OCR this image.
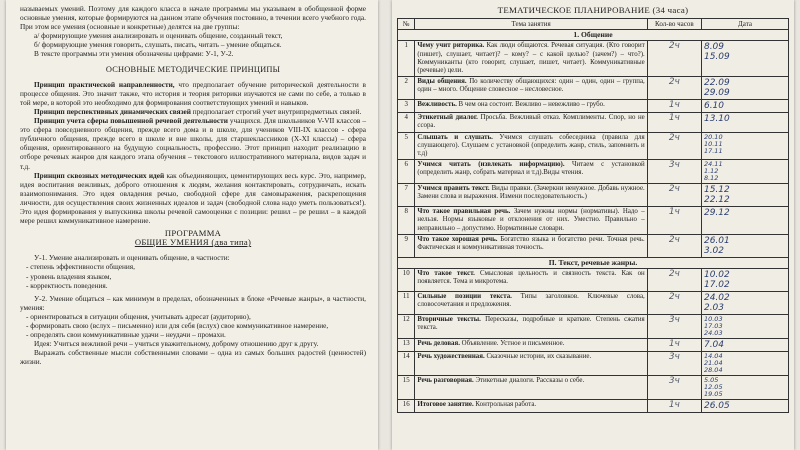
называемых умений. Поэтому для каждого класса в начале программы мы указываем в обобщенной форме основные умения, которые формируются на данном этапе обучения постоянно, в течении всего учебного года. При этом все умения (основные и конкретные) делятся на две группы:

а/ формирующие умения анализировать и оценивать общение, созданный текст,

б/ формирующие умения говорить, слушать, писать, читать – умение общаться.

В тексте программы эти умения обозначены цифрами: У-1, У-2.

ОСНОВНЫЕ МЕТОДИЧЕСКИЕ ПРИНЦИПЫ

Принцип практической направленности, что предполагает обучение риторической деятельности в процессе общения. Это значит также, что история и теория риторики изучаются не сами по себе, а только в той мере, в которой это необходимо для формирования соответствующих умений и навыков.

Принцип перспективных динамических связей предполагает строгий учет внутрипредметных связей.

Принцип учета сферы повышенной речевой деятельности учащихся. Для школьников V-VII классов – это сфера повседневного общения, прежде всего дома и в школе, для учеников VIII-IX классов - сфера публичного общения, прежде всего в школе и вне школы, для старшеклассников (X-XI классы) – сфера общения, ориентированного на будущую социальность, профессию. Этот принцип находит реализацию в отборе речевых жанров для каждого этапа обучения – текстового иллюстративного материала, видов задач и т.д.

Принцип сквозных методических идей как объединяющих, цементирующих весь курс. Это, например, идея воспитания вежливых, доброго отношения к людям, желания контактировать, сотрудничать, искать взаимопонимания. Это идея овладения речью, свободной сфере для самовыражения, раскрепощения личности, для осуществления своих жизненных идеалов и задач (свободной слова надо уметь пользоваться!). Это идея формирования у выпускника школы речевой самооценки с позиции: решил – ре решил – в каждой мере решил коммуникативное намерение.

ПРОГРАММА
ОБЩИЕ УМЕНИЯ (два типа)

У-1. Умение анализировать и оценивать общение, в частности:

- степень эффективности общения,
- уровень владения языком,
- корректность поведения.

У-2. Умение общаться – как минимум в пределах, обозначенных в блоке «Речевые жанры», в частности, умения:

- ориентироваться в ситуации общения, учитывать адресат (аудиторию),
- формировать свою (вслух – письменно) или для себя (вслух) свое коммуникативное намерение,
- определять свои коммуникативные удачи – неудачи – промахи.

Идея: Учиться вежливой речи – учиться уважительному, доброму отношению друг к другу.

Выражать собственные мысли собственными словами – одна из самых больших радостей (ценностей) жизни.

ТЕМАТИЧЕСКОЕ ПЛАНИРОВАНИЕ (34 часа)
№	Тема занятия	Кол-во часов	Дата
1. Общение			
1	Чему учит риторика. Как люди общаются. Речевая ситуация. (Кто говорит (пишет), слушает, читает)? – кому? – с какой целью? (зачем?) – что?). Коммуниканты (кто говорит, слушает, пишет, читает). Коммуникативные (речевые) цели.	2ч	8.09
15.09

2	Виды общения. По количеству общающихся: один – один, один – группа, один – много. Общение словесное – несловесное.	2ч	22.09
29.09

3	Вежливость. В чем она состоит. Вежливо – невежливо – грубо.	1ч	6.10

4	Этикетный диалог. Просьба. Вежливый отказ. Комплименты. Спор, но не ссора.	1ч	13.10

5	Слышать и слушать. Учимся слушать собеседника (правила для слушающего). Слушаем с установкой (определить жанр, стиль, запомнить и т.д)	2ч	20.10
10.11
17.11

6	Учимся читать (извлекать информацию). Читаем с установкой (определить жанр, собрать материал и т.д).Виды чтения.	3ч	24.11
1.12
8.12

7	Учимся править текст. Виды правки. (Зачеркни ненужное. Добавь нужное. Замени слова и выражения. Измени последовательность.)	2ч	15.12
22.12

8	Что такое правильная речь. Зачем нужны нормы (нормативы). Надо – нельзя. Нормы языковые и отклонения от них. Уместно. Правильно – неправильно – допустимо. Нормативные словари.	1ч	29.12

9	Что такое хорошая речь. Богатство языка и богатство речи. Точная речь. Фактическая и коммуникативная точность.	2ч	26.01
3.02

П. Текст, речевые жанры.			
10	Что такое текст. Смысловая цельность и связность текста. Как он появляется. Тема и микротема.	2ч	10.02
17.02

11	Сильные позиции текста. Типы заголовков. Ключевые слова, словосочетания и предложения.	2ч	24.02
2.03

12	Вторичные тексты. Пересказы, подробные и краткие. Степень сжатия текста.	3ч	10.03
17.03
24.03

13	Речь деловая. Объявление. Устное и письменное.	1ч	7.04

14	Речь художественная. Сказочные истории, их сказывание.	3ч	14.04
21.04
28.04

15	Речь разговорная. Этикетные диалоги. Рассказы о себе.	3ч	5.05
12.05
19.05

16	Итоговое занятие. Контрольная работа.	1ч	26.05
